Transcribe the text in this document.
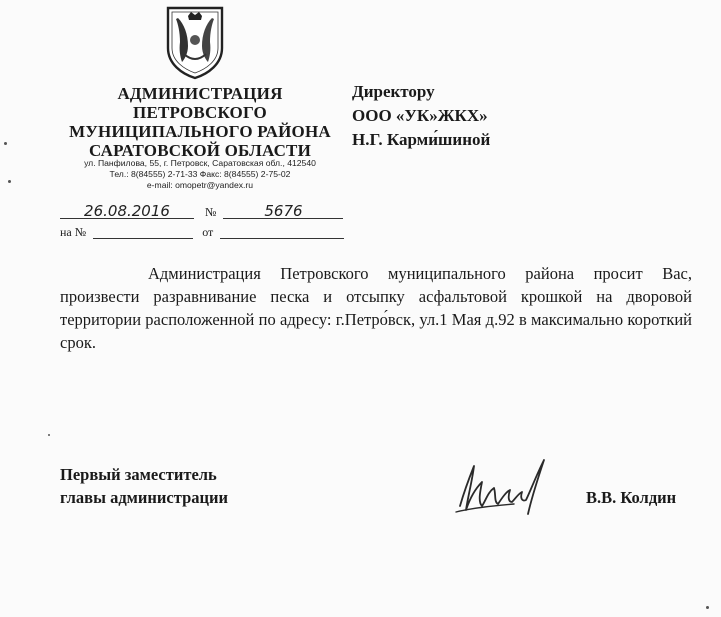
АДМИНИСТРАЦИЯ
ПЕТРОВСКОГО
МУНИЦИПАЛЬНОГО РАЙОНА
САРАТОВСКОЙ ОБЛАСТИ
ул. Панфилова, 55, г. Петровск, Саратовская обл., 412540
Тел.: 8(84555) 2-71-33 Факс: 8(84555) 2-75-02
e-mail: omopetr@yandex.ru
26.08.2016	№	5676
на №	от
Директору
ООО «УК»ЖКХ»
Н.Г. Карми́шиной

Администрация Петровского муниципального района просит Вас, произвести разравнивание песка и отсыпку асфальтовой крошкой на дворовой территории расположенной по адресу: г.Петро́вск, ул.1 Мая д.92 в максимально короткий срок.

Первый заместитель
главы администрации	В.В. Колдин
